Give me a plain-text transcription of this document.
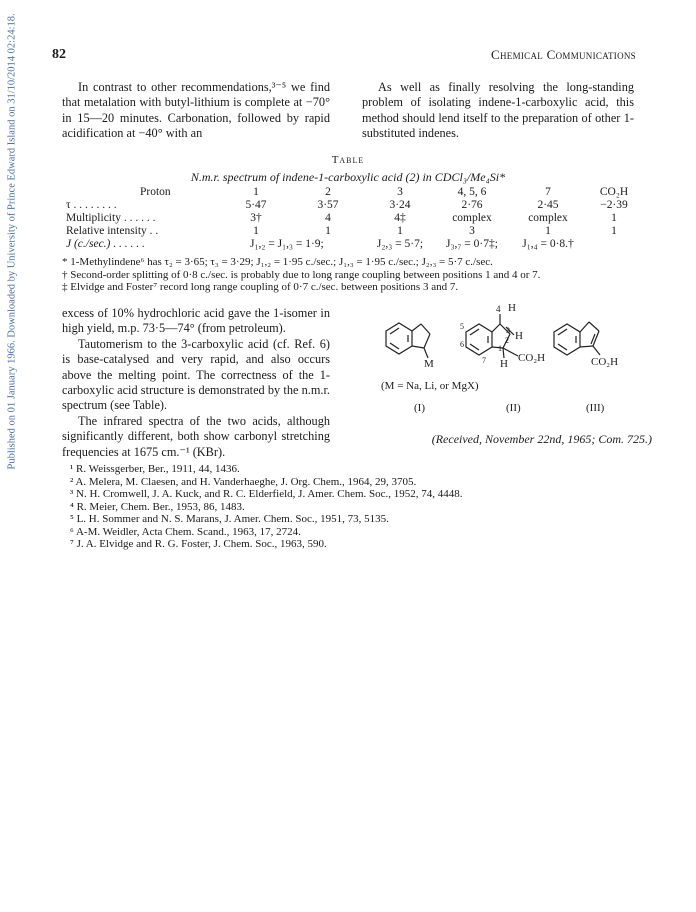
Published on 01 January 1966. Downloaded by University of Prince Edward Island on 31/10/2014 02:24:18. 82	Chemical Communications

In contrast to other recommendations,³⁻⁵ we find that metalation with butyl-lithium is complete at −70° in 15—20 minutes. Carbonation, followed by rapid acidification at −40° with an

As well as finally resolving the long-standing problem of isolating indene-1-carboxylic acid, this method should lend itself to the preparation of other 1-substituted indenes.

Table
N.m.r. spectrum of indene-1-carboxylic acid (2) in CDCl₃/Me₄Si*
Proton	1	2	3	4, 5, 6	7	CO₂H
τ . . . . . . . .	5·47	3·57	3·24	2·76	2·45	−2·39
Multiplicity . . . . . .	3†	4	4‡	complex	complex	1
Relative intensity . .	1	1	1	3	1	1
J (c./sec.) . . . . . .	J₁,₂ = J₁,₃ = 1·9;		J₂,₃ = 5·7;	J₃,₇ = 0·7‡;	J₁,₄ = 0·8.†	
* 1-Methylindene⁶ has τ₂ = 3·65; τ₃ = 3·29; J₁,₂ = 1·95 c./sec.; J₁,₃ = 1·95 c./sec.; J₂,₃ = 5·7 c./sec.
† Second-order splitting of 0·8 c./sec. is probably due to long range coupling between positions 1 and 4 or 7.
‡ Elvidge and Foster⁷ record long range coupling of 0·7 c./sec. between positions 3 and 7.

excess of 10% hydrochloric acid gave the 1-isomer in high yield, m.p. 73·5—74° (from petroleum).

Tautomerism to the 3-carboxylic acid (cf. Ref. 6) is base-catalysed and very rapid, and also occurs above the melting point. The correctness of the 1-carboxylic acid structure is demonstrated by the n.m.r. spectrum (see Table).

The infrared spectra of the two acids, although significantly different, both show carbonyl stretching frequencies at 1675 cm.⁻¹ (KBr).

M
(M = Na, Li, or MgX)
(I)
4 H
5
6
3
2
1
H
7 H CO₂H
(II)
CO₂H
(III)
(Received, November 22nd, 1965; Com. 725.)
¹ R. Weissgerber, Ber., 1911, 44, 1436.
² A. Melera, M. Claesen, and H. Vanderhaeghe, J. Org. Chem., 1964, 29, 3705.
³ N. H. Cromwell, J. A. Kuck, and R. C. Elderfield, J. Amer. Chem. Soc., 1952, 74, 4448.
⁴ R. Meier, Chem. Ber., 1953, 86, 1483.
⁵ L. H. Sommer and N. S. Marans, J. Amer. Chem. Soc., 1951, 73, 5135.
⁶ A-M. Weidler, Acta Chem. Scand., 1963, 17, 2724.
⁷ J. A. Elvidge and R. G. Foster, J. Chem. Soc., 1963, 590.
